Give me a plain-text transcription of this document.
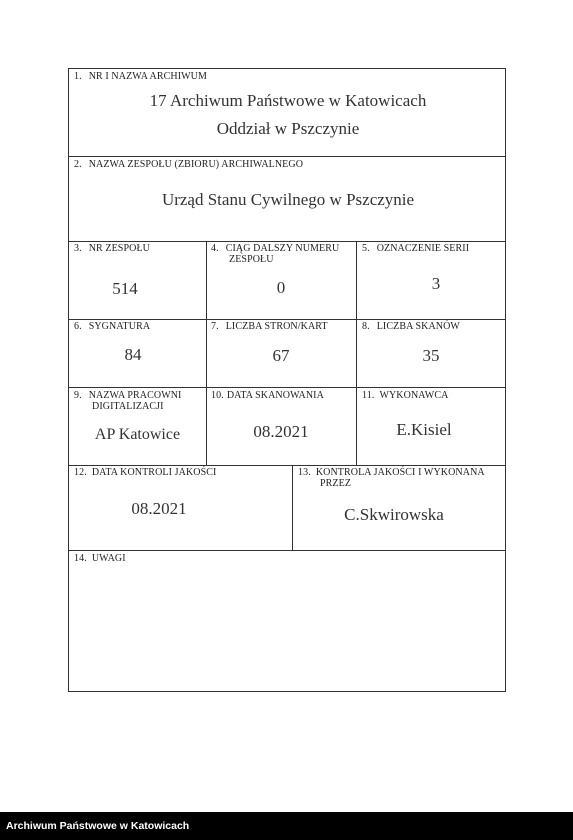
1. NR I NAZWA ARCHIWUM
17 Archiwum Państwowe w Katowicach
Oddział w Pszczynie
2. NAZWA ZESPOŁU (ZBIORU) ARCHIWALNEGO
Urząd Stanu Cywilnego w Pszczynie
3. NR ZESPOŁU
514
4. CIĄG DALSZY NUMERU
ZESPOŁU
0
5. OZNACZENIE SERII
3
6. SYGNATURA
84
7. LICZBA STRON/KART
67
8. LICZBA SKANÓW
35
9. NAZWA PRACOWNI
DIGITALIZACJI
AP Katowice
10. DATA SKANOWANIA
08.2021
11. WYKONAWCA
E.Kisiel
12. DATA KONTROLI JAKOŚCI
08.2021
13. KONTROLA JAKOŚCI I WYKONANA
PRZEZ
C.Skwirowska
14. UWAGI
Archiwum Państwowe w Katowicach
